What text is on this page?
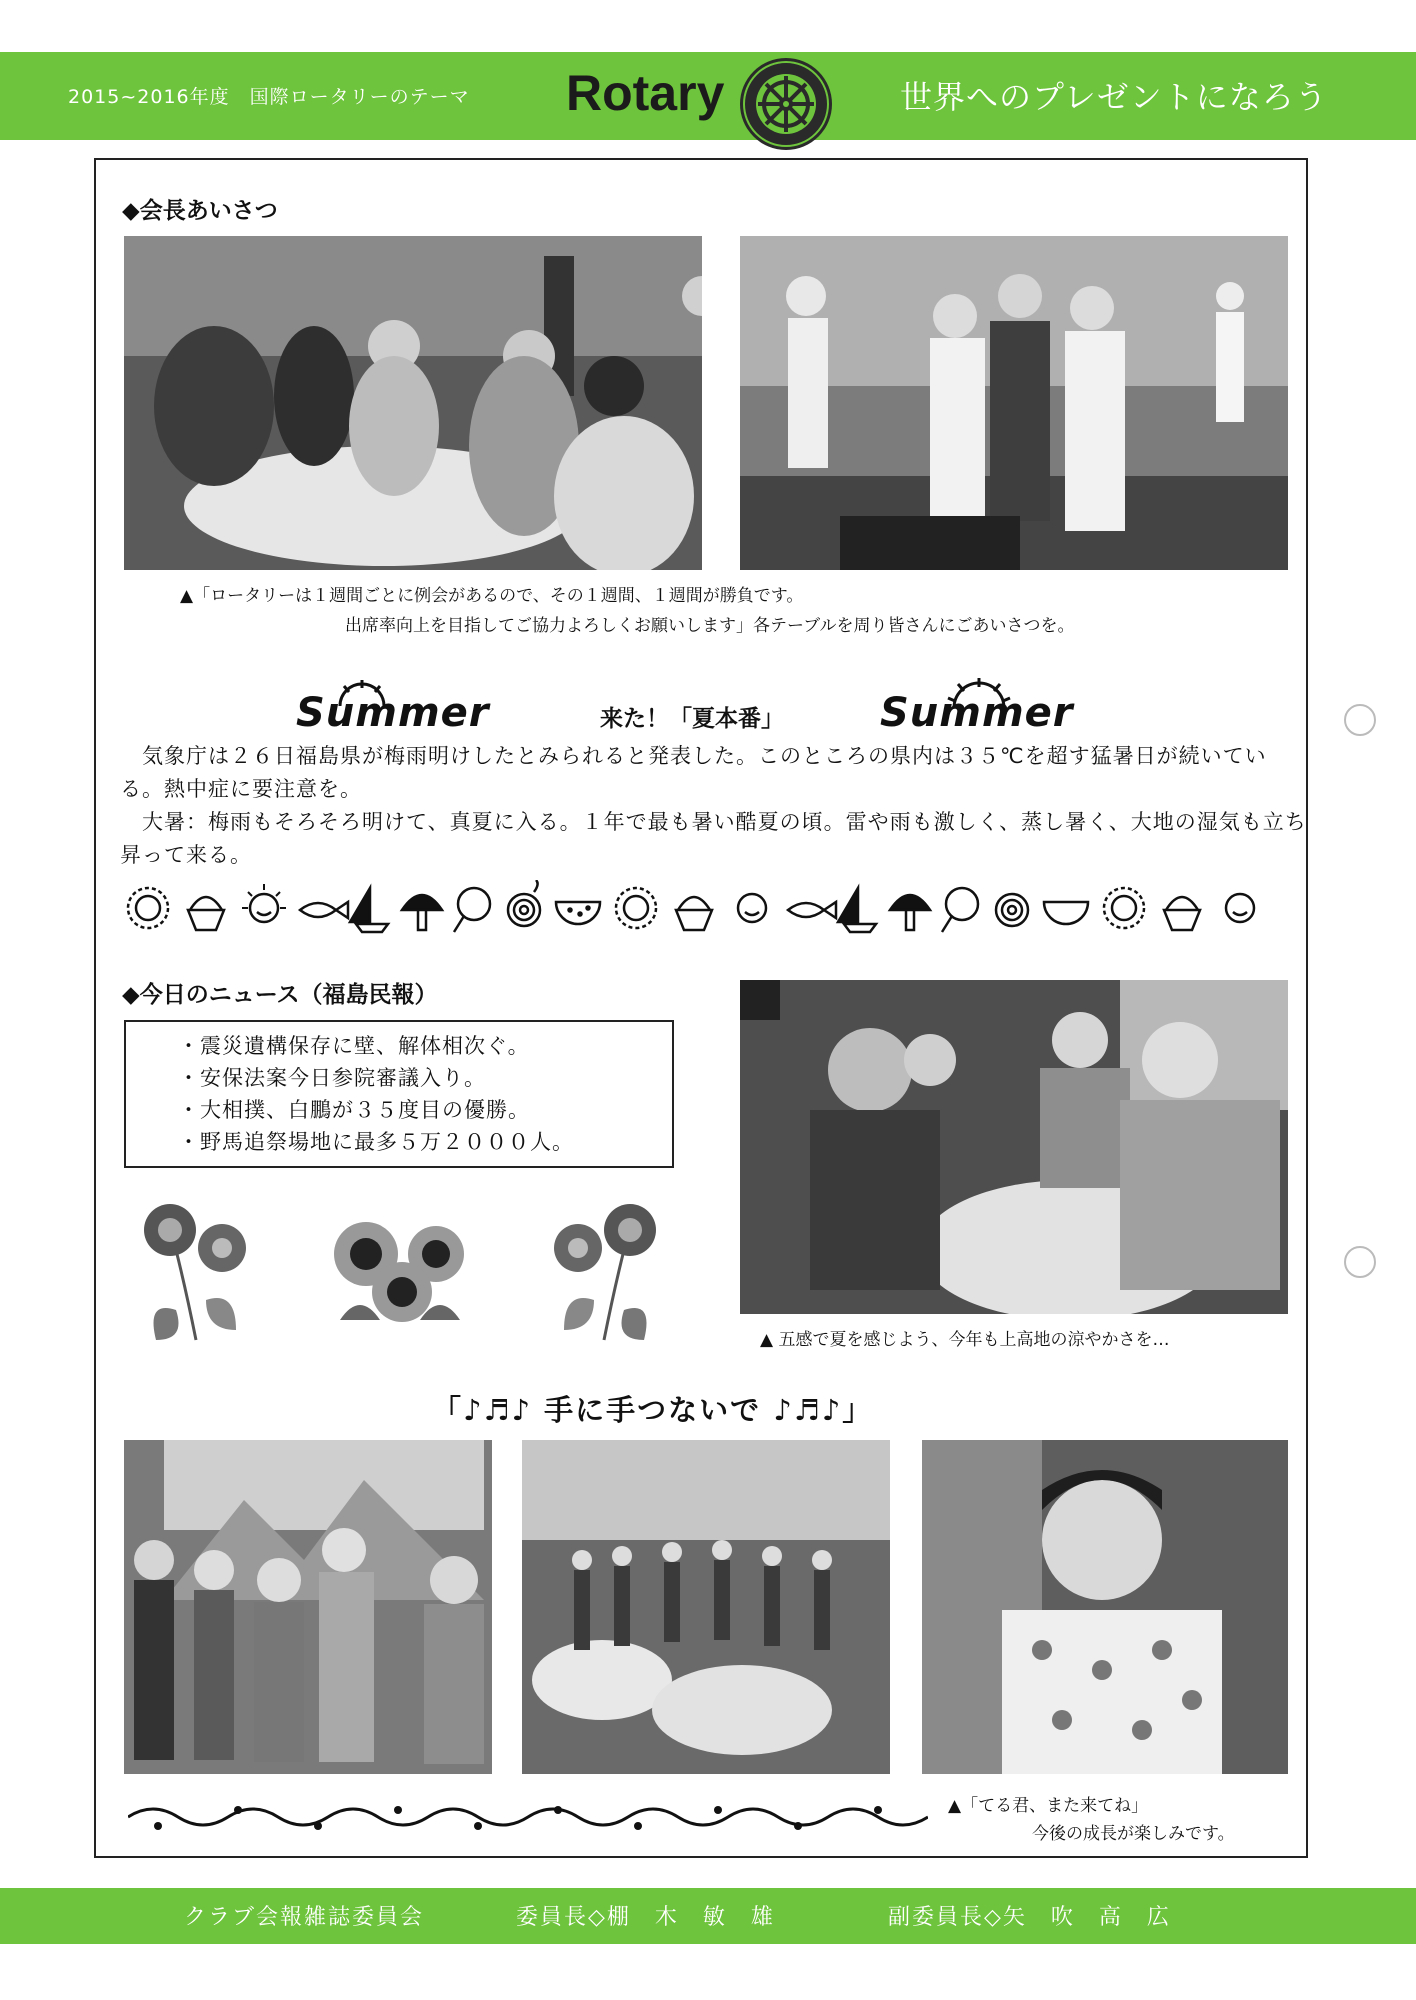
2015~2016年度　国際ロータリーのテーマ Rotary	世界へのプレゼントになろう
◆会長あいさつ
▲「ロータリーは１週間ごとに例会があるので、その１週間、１週間が勝負です。
出席率向上を目指してご協力よろしくお願いします」各テーブルを周り皆さんにごあいさつを。
Summer	来た！「夏本番」 Summer
　気象庁は２６日福島県が梅雨明けしたとみられると発表した。このところの県内は３５℃を超す猛暑日が続いている。熱中症に要注意を。
　大暑：梅雨もそろそろ明けて、真夏に入る。１年で最も暑い酷夏の頃。雷や雨も激しく、蒸し暑く、大地の湿気も立ち昇って来る。
◆今日のニュース（福島民報）
・震災遺構保存に壁、解体相次ぐ。
・安保法案今日参院審議入り。
・大相撲、白鵬が３５度目の優勝。
・野馬追祭場地に最多５万２０００人。
▲ 五感で夏を感じよう、今年も上高地の涼やかさを…
「♪♬♪ 手に手つないで ♪♬♪」
▲「てる君、また来てね」
今後の成長が楽しみです。
クラブ会報雑誌委員会	委員長◇棚　木　敏　雄	副委員長◇矢　吹　高　広
